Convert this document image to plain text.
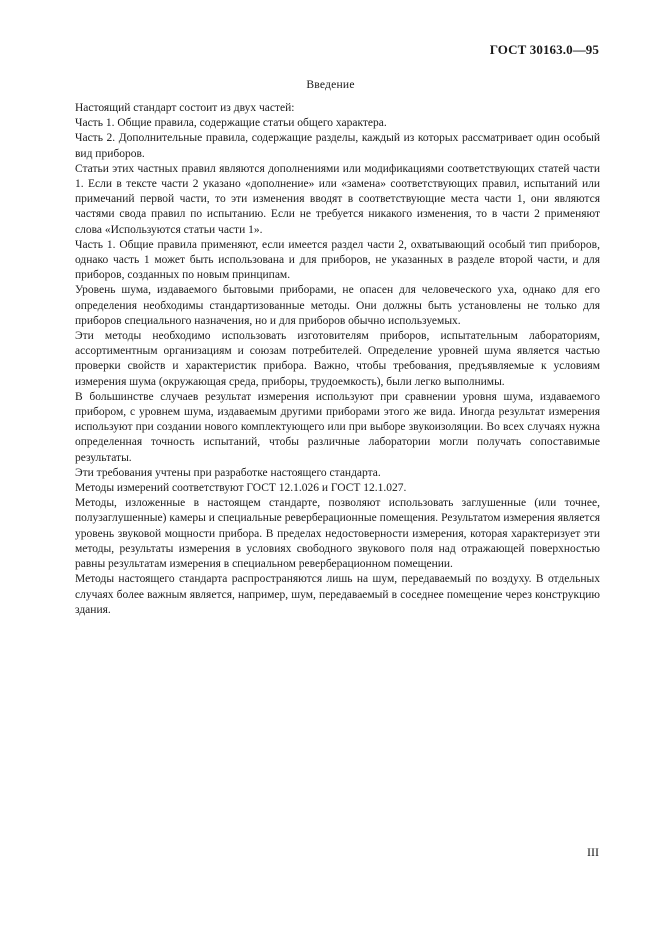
ГОСТ 30163.0—95
Введение

Настоящий стандарт состоит из двух частей:

Часть 1. Общие правила, содержащие статьи общего характера.

Часть 2. Дополнительные правила, содержащие разделы, каждый из которых рассматривает один особый вид приборов.

Статьи этих частных правил являются дополнениями или модификациями соответствующих статей части 1. Если в тексте части 2 указано «дополнение» или «замена» соответствующих правил, испытаний или примечаний первой части, то эти изменения вводят в соответствующие места части 1, они являются частями свода правил по испытанию. Если не требуется никакого изменения, то в части 2 применяют слова «Используются статьи части 1».

Часть 1. Общие правила применяют, если имеется раздел части 2, охватывающий особый тип приборов, однако часть 1 может быть использована и для приборов, не указанных в разделе второй части, и для приборов, созданных по новым принципам.

Уровень шума, издаваемого бытовыми приборами, не опасен для человеческого уха, однако для его определения необходимы стандартизованные методы. Они должны быть установлены не только для приборов специального назначения, но и для приборов обычно используемых.

Эти методы необходимо использовать изготовителям приборов, испытательным лабораториям, ассортиментным организациям и союзам потребителей. Определение уровней шума является частью проверки свойств и характеристик прибора. Важно, чтобы требования, предъявляемые к условиям измерения шума (окружающая среда, приборы, трудоемкость), были легко выполнимы.

В большинстве случаев результат измерения используют при сравнении уровня шума, издаваемого прибором, с уровнем шума, издаваемым другими приборами этого же вида. Иногда результат измерения используют при создании нового комплектующего или при выборе звукоизоляции. Во всех случаях нужна определенная точность испытаний, чтобы различные лаборатории могли получать сопоставимые результаты.

Эти требования учтены при разработке настоящего стандарта.

Методы измерений соответствуют ГОСТ 12.1.026 и ГОСТ 12.1.027.

Методы, изложенные в настоящем стандарте, позволяют использовать заглушенные (или точнее, полузаглушенные) камеры и специальные реверберационные помещения. Результатом измерения является уровень звуковой мощности прибора. В пределах недостоверности измерения, которая характеризует эти методы, результаты измерения в условиях свободного звукового поля над отражающей поверхностью равны результатам измерения в специальном реверберационном помещении.

Методы настоящего стандарта распространяются лишь на шум, передаваемый по воздуху. В отдельных случаях более важным является, например, шум, передаваемый в соседнее помещение через конструкцию здания.

III
